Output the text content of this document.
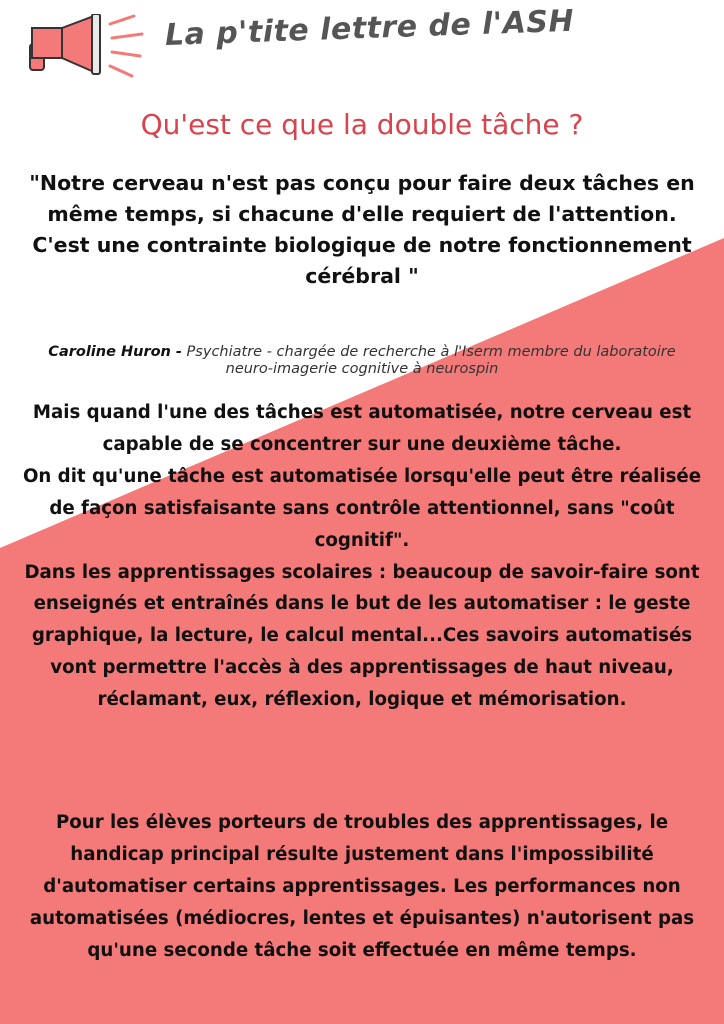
La p'tite lettre de l'ASH
Qu'est ce que la double tâche ?

"Notre cerveau n'est pas conçu pour faire deux tâches en même temps, si chacune d'elle requiert de l'attention.

C'est une contrainte biologique de notre fonctionnement cérébral "

Caroline Huron - Psychiatre - chargée de recherche à l'Iserm membre du laboratoire neuro-imagerie cognitive à neurospin

Mais quand l'une des tâches est automatisée, notre cerveau est capable de se concentrer sur une deuxième tâche.

On dit qu'une tâche est automatisée lorsqu'elle peut être réalisée de façon satisfaisante sans contrôle attentionnel, sans "coût cognitif".

Dans les apprentissages scolaires : beaucoup de savoir-faire sont enseignés et entraînés dans le but de les automatiser : le geste graphique, la lecture, le calcul mental...Ces savoirs automatisés vont permettre l'accès à des apprentissages de haut niveau, réclamant, eux, réflexion, logique et mémorisation.

Pour les élèves porteurs de troubles des apprentissages, le handicap principal résulte justement dans l'impossibilité d'automatiser certains apprentissages. Les performances non automatisées (médiocres, lentes et épuisantes) n'autorisent pas qu'une seconde tâche soit effectuée en même temps.
